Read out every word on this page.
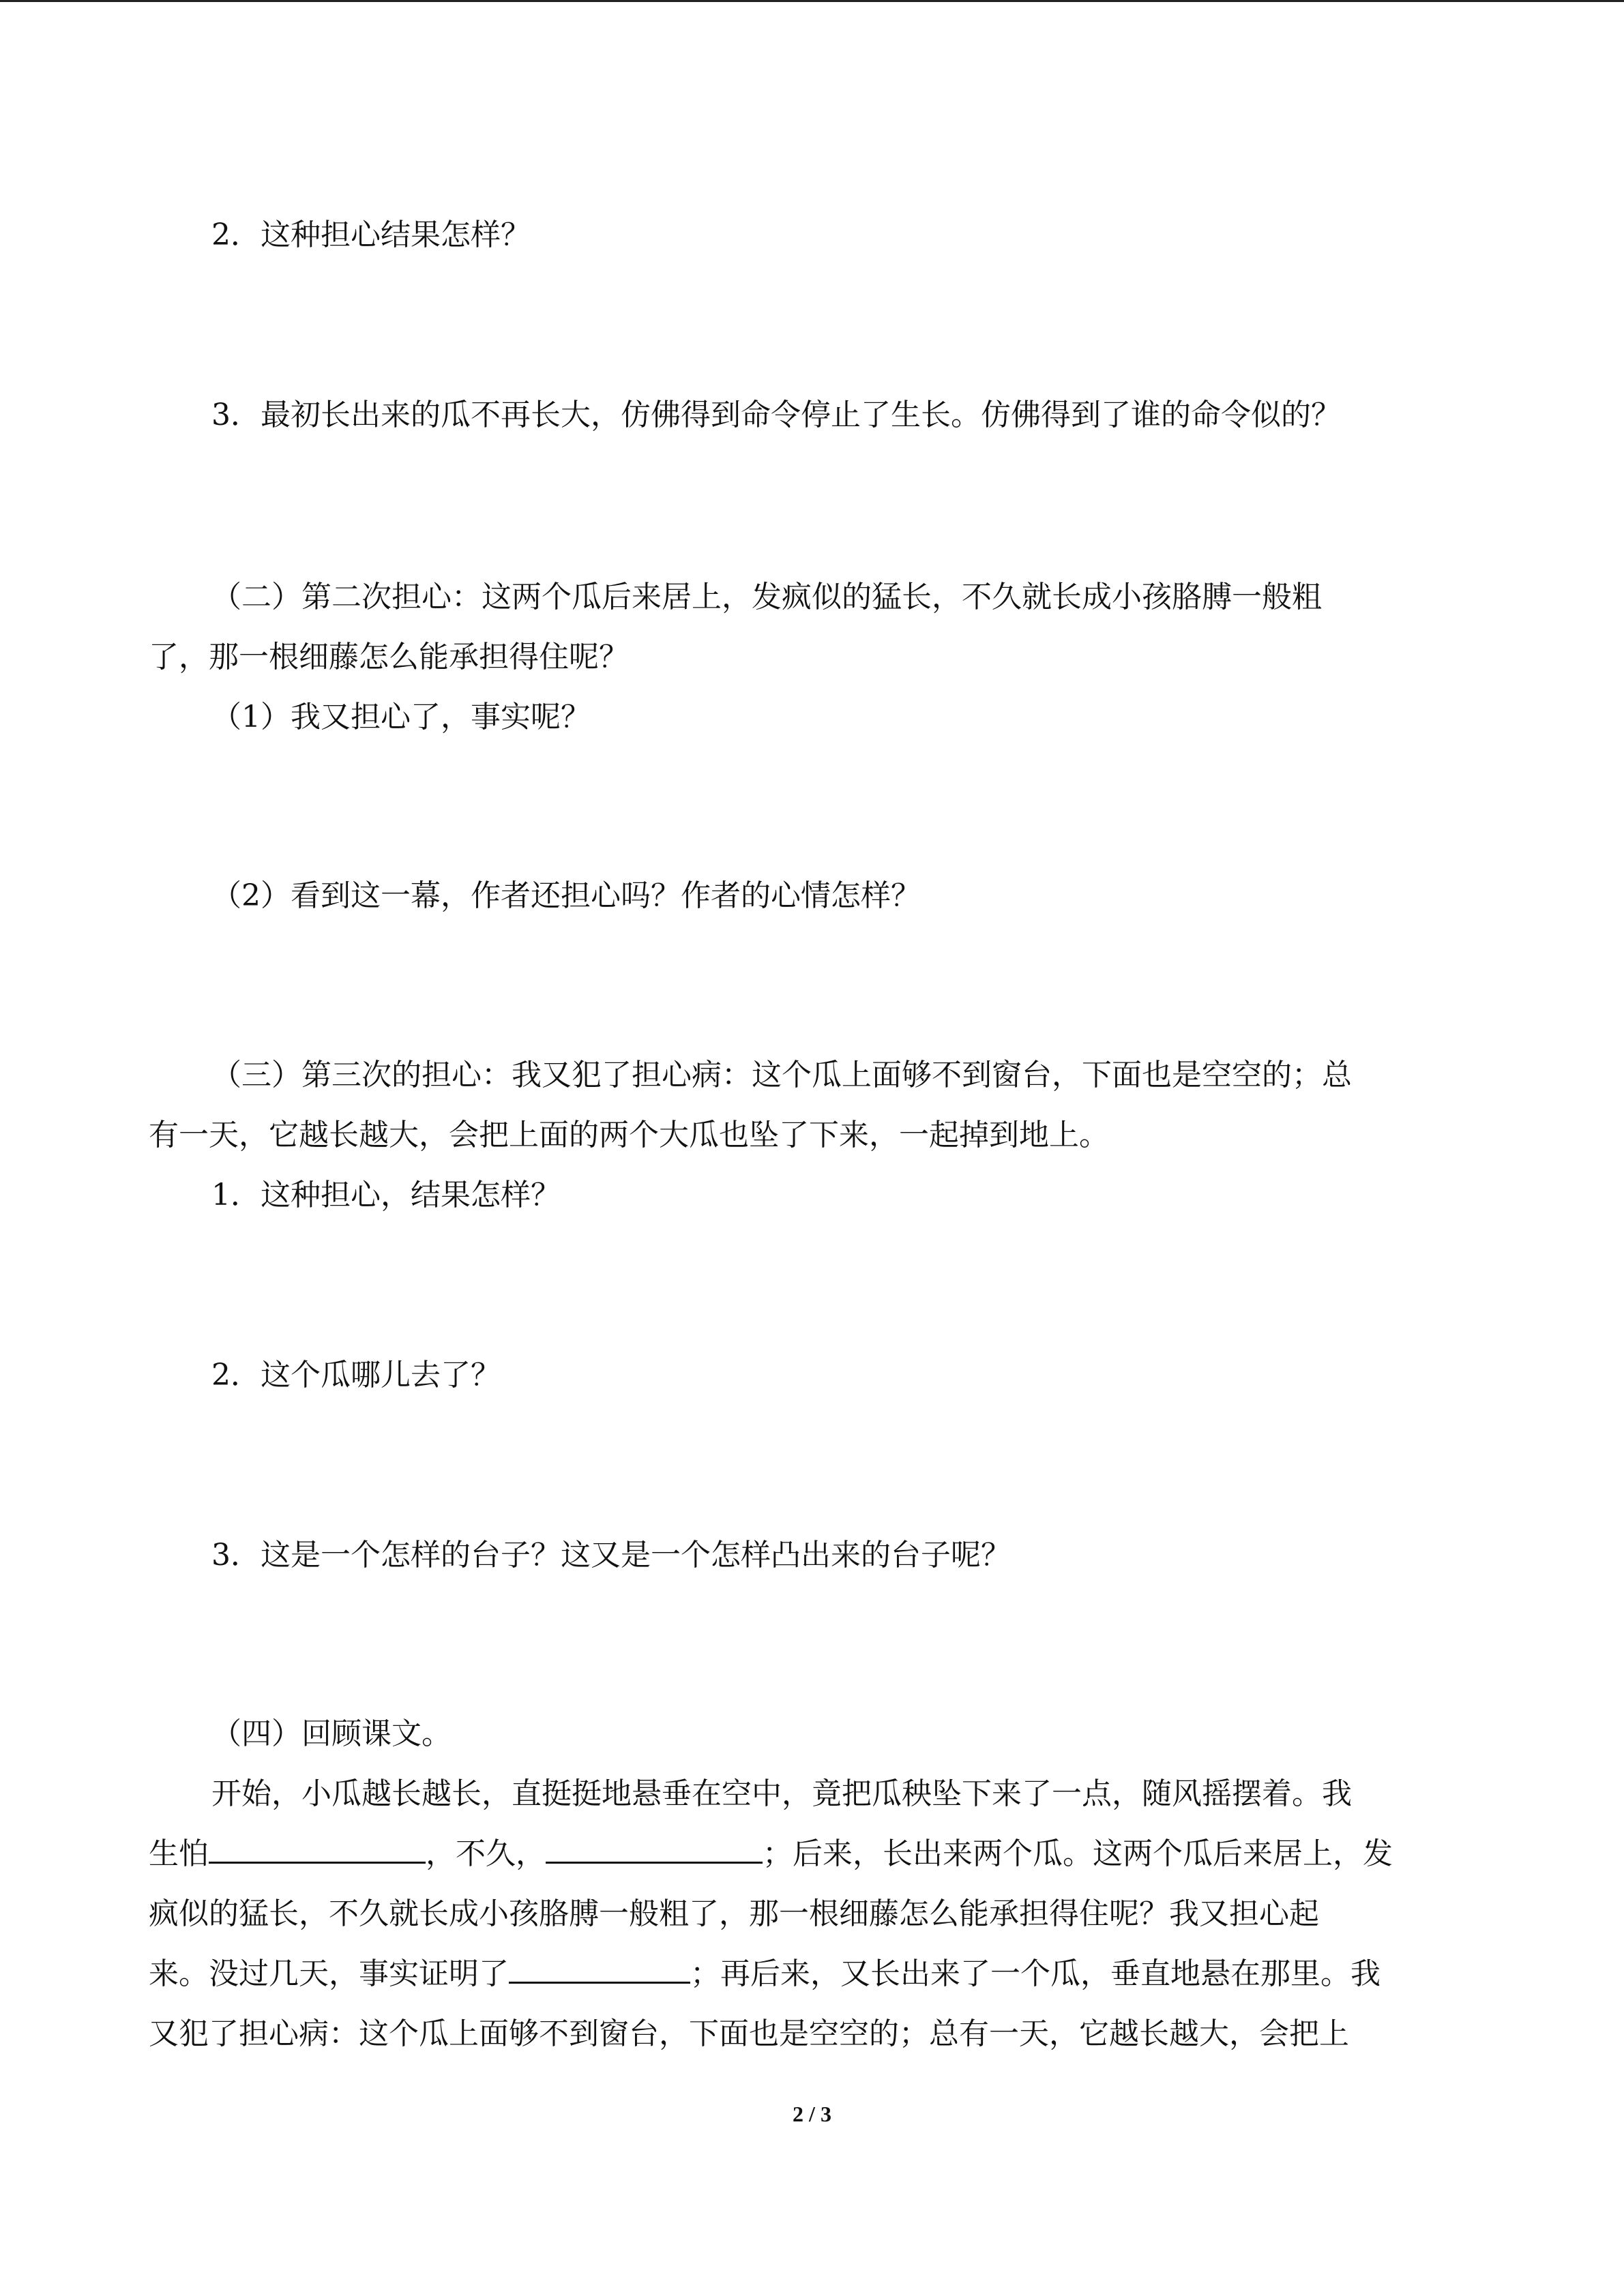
2．这种担心结果怎样？
3．最初长出来的瓜不再长大，仿佛得到命令停止了生长。仿佛得到了谁的命令似的？
（二）第二次担心：这两个瓜后来居上，发疯似的猛长，不久就长成小孩胳膊一般粗
了，那一根细藤怎么能承担得住呢？
（1）我又担心了，事实呢？
（2）看到这一幕，作者还担心吗？作者的心情怎样？
（三）第三次的担心：我又犯了担心病：这个瓜上面够不到窗台，下面也是空空的；总
有一天，它越长越大，会把上面的两个大瓜也坠了下来，一起掉到地上。
1．这种担心，结果怎样？
2．这个瓜哪儿去了？
3．这是一个怎样的台子？这又是一个怎样凸出来的台子呢？
（四）回顾课文。
开始，小瓜越长越长，直挺挺地悬垂在空中，竟把瓜秧坠下来了一点，随风摇摆着。我
生怕	，不久，	；后来，长出来两个瓜。这两个瓜后来居上，发
疯似的猛长，不久就长成小孩胳膊一般粗了，那一根细藤怎么能承担得住呢？我又担心起
来。没过几天，事实证明了	；再后来，又长出来了一个瓜，垂直地悬在那里。我
又犯了担心病：这个瓜上面够不到窗台，下面也是空空的；总有一天，它越长越大，会把上
2 / 3
